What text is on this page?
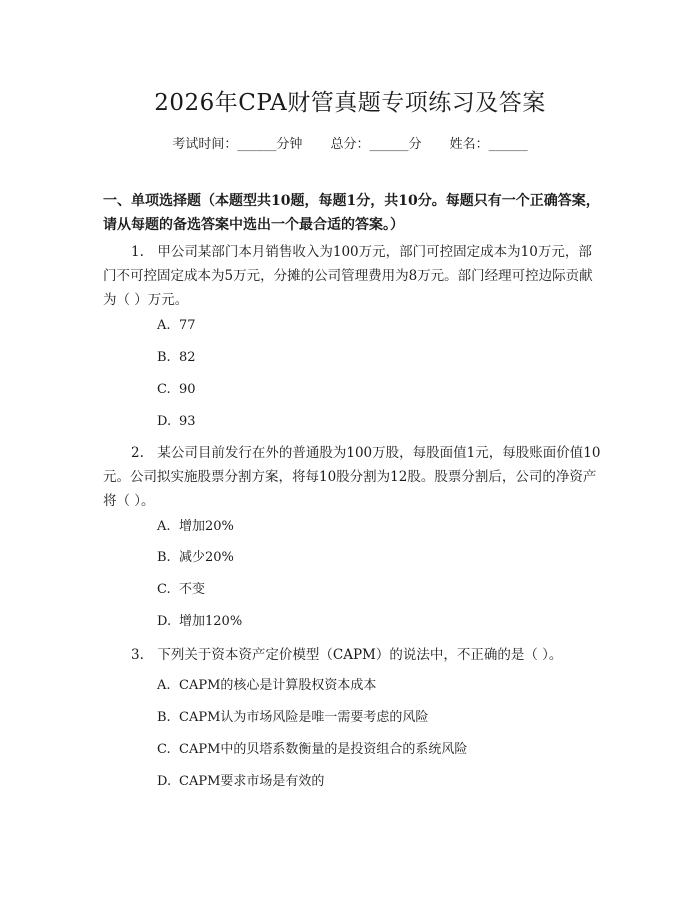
2026年CPA财管真题专项练习及答案
考试时间：______分钟 总分：______分 姓名：______
一、单项选择题（本题型共10题，每题1分，共10分。每题只有一个正确答案，请从每题的备选答案中选出一个最合适的答案。）
1.　甲公司某部门本月销售收入为100万元，部门可控固定成本为10万元，部门不可控固定成本为5万元，分摊的公司管理费用为8万元。部门经理可控边际贡献为（ ）万元。
A. 77
B. 82
C. 90
D. 93
2.　某公司目前发行在外的普通股为100万股，每股面值1元，每股账面价值10元。公司拟实施股票分割方案，将每10股分割为12股。股票分割后，公司的净资产将（ ）。
A. 增加20%
B. 减少20%
C. 不变
D. 增加120%
3.　下列关于资本资产定价模型（CAPM）的说法中，不正确的是（ ）。
A. CAPM的核心是计算股权资本成本
B. CAPM认为市场风险是唯一需要考虑的风险
C. CAPM中的贝塔系数衡量的是投资组合的系统风险
D. CAPM要求市场是有效的
